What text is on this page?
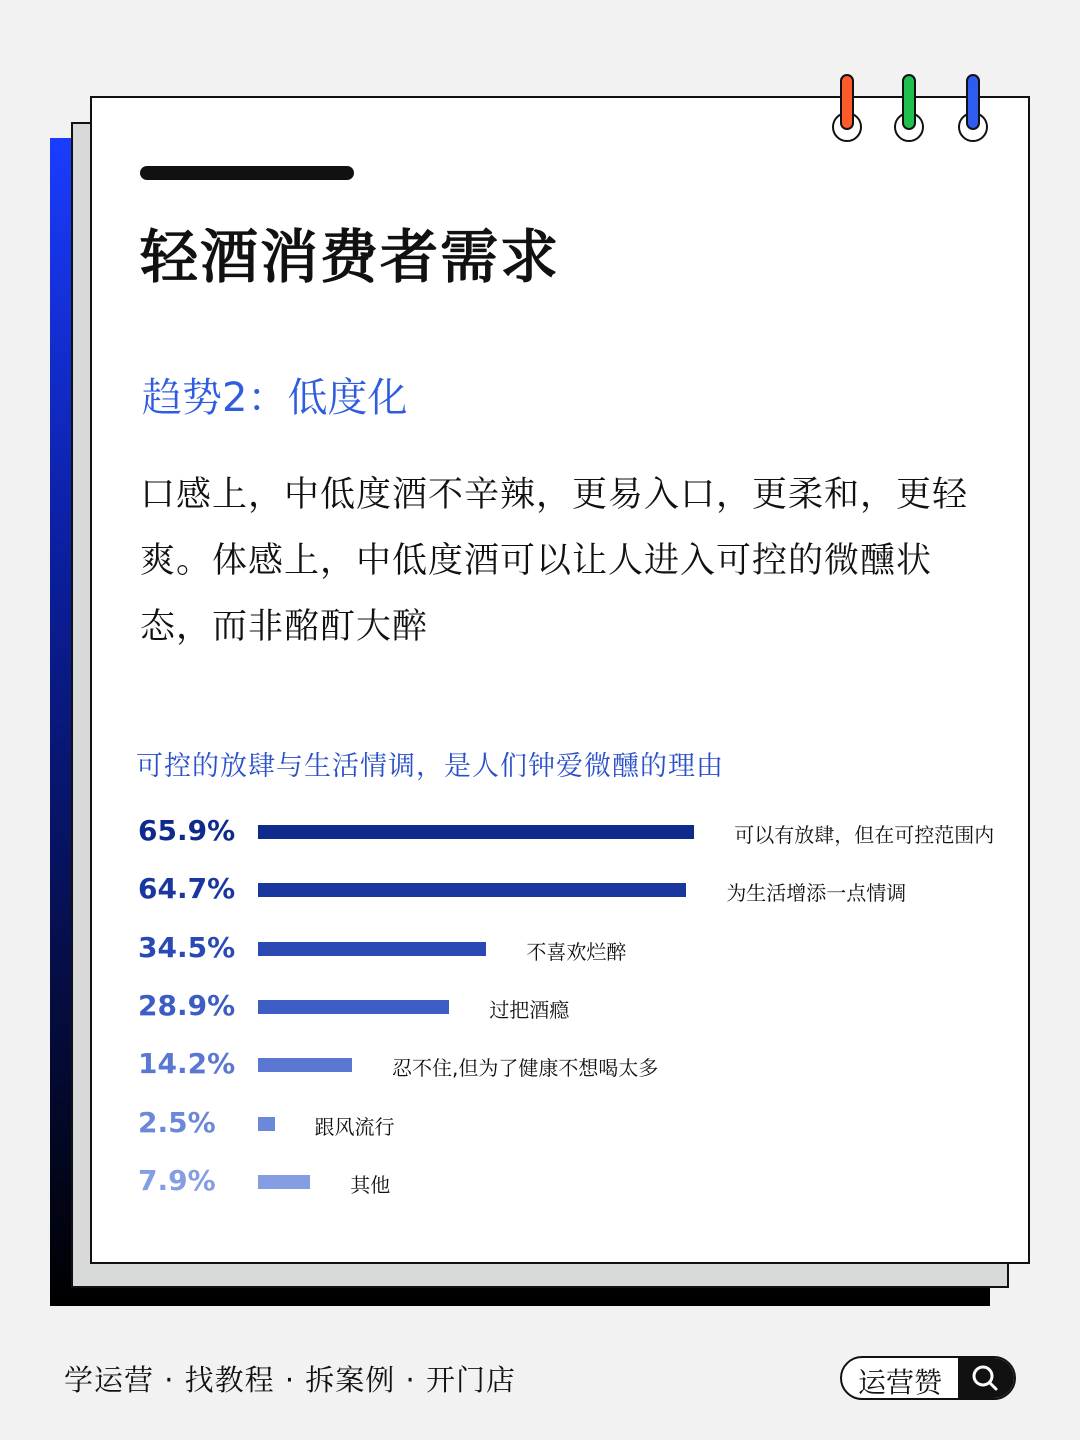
轻酒消费者需求
趋势2：低度化
口感上，中低度酒不辛辣，更易入口，更柔和，更轻爽。体感上，中低度酒可以让人进入可控的微醺状态，而非酩酊大醉
可控的放肆与生活情调，是人们钟爱微醺的理由
65.9%	可以有放肆，但在可控范围内
64.7%	为生活增添一点情调
34.5%	不喜欢烂醉
28.9%	过把酒瘾
14.2%	忍不住,但为了健康不想喝太多
2.5%	跟风流行
7.9%	其他
学运营 · 找教程 · 拆案例 · 开门店	运营赞
